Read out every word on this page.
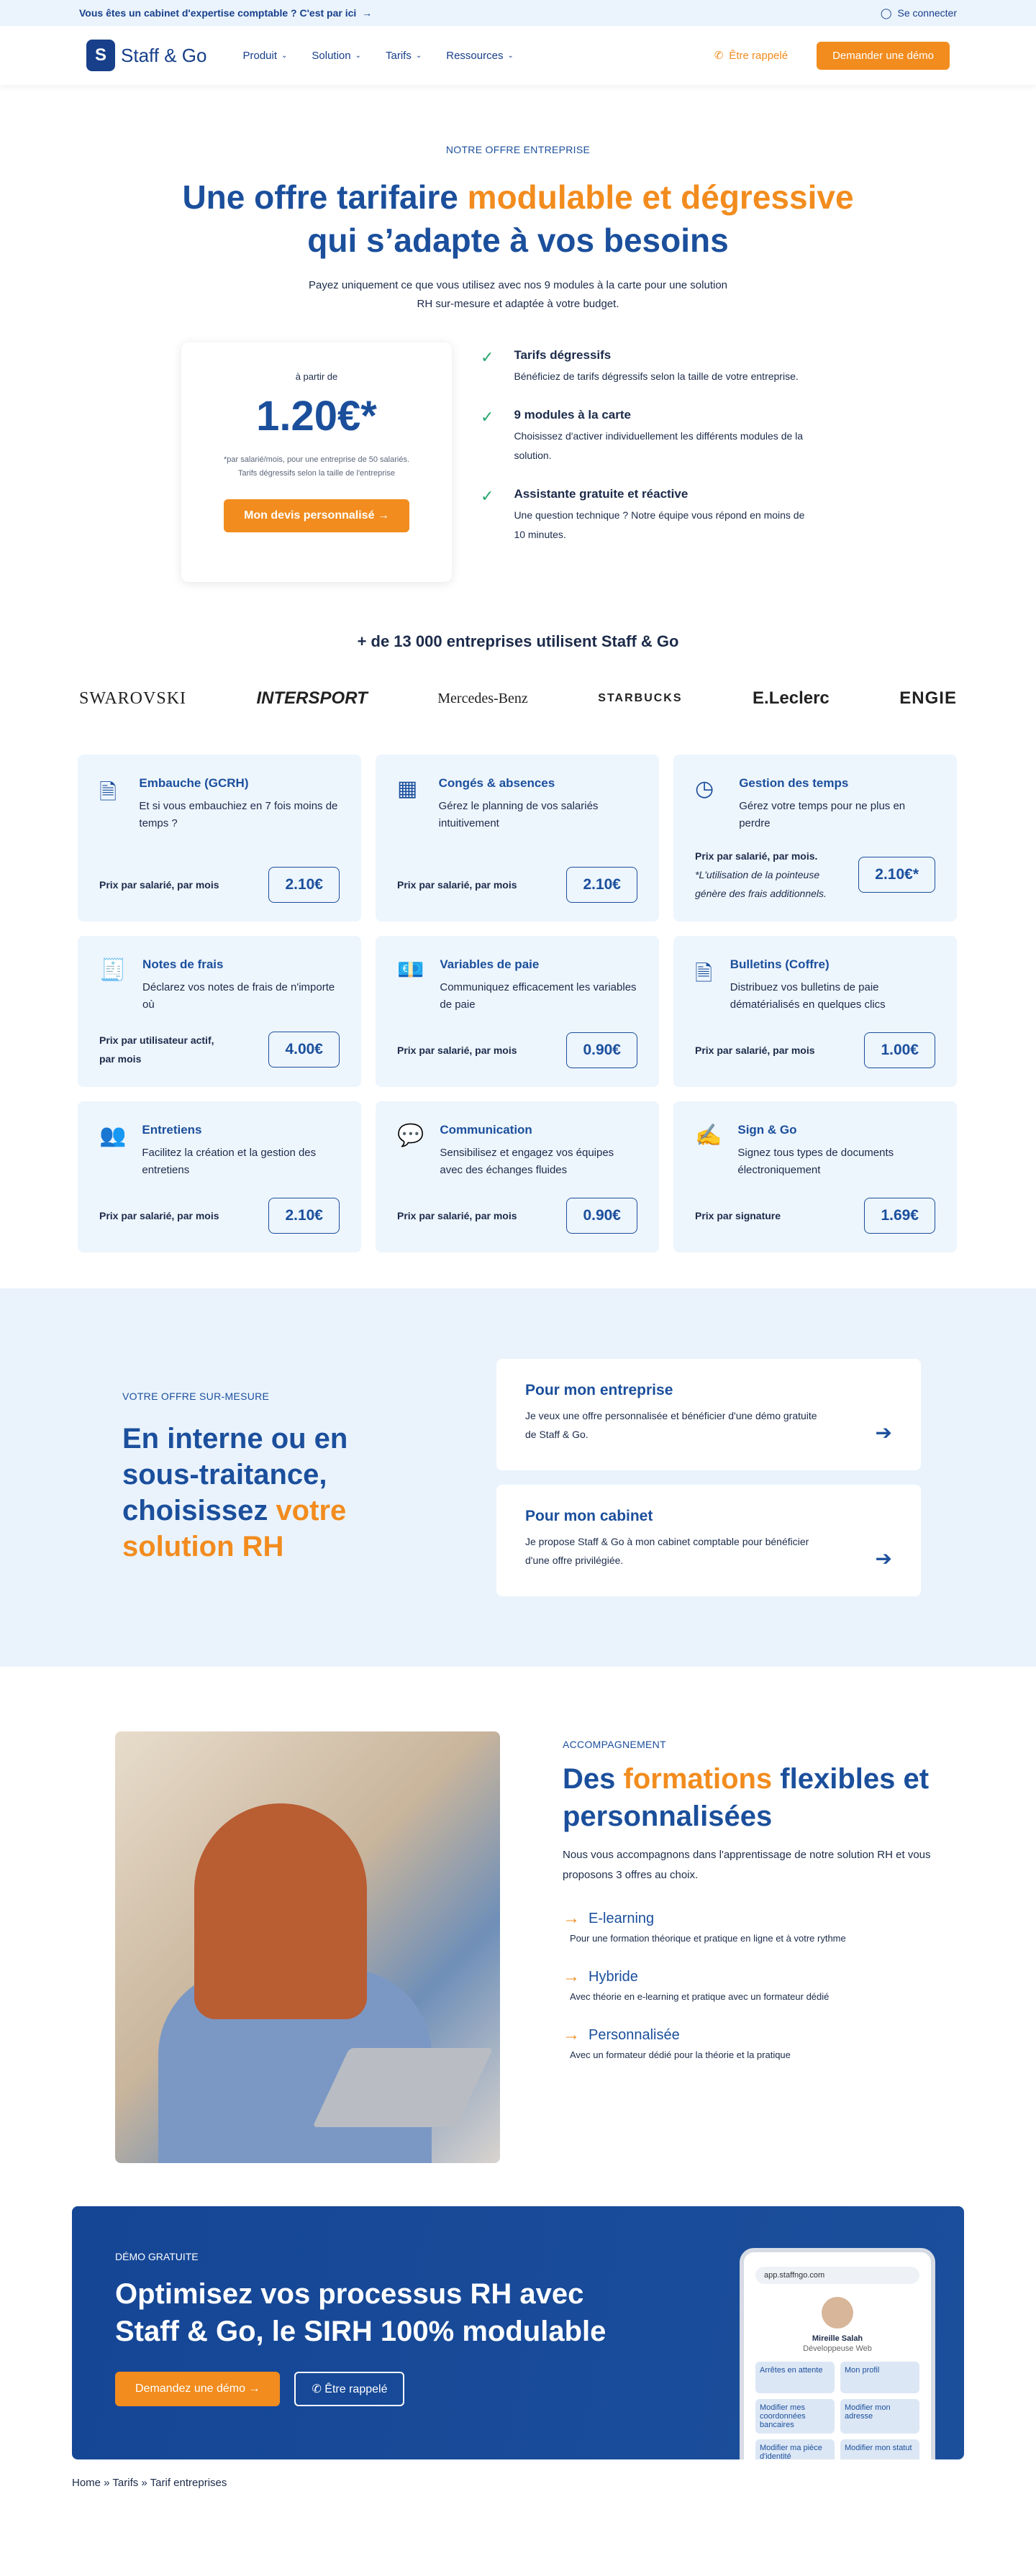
Vous êtes un cabinet d'expertise comptable ? C'est par ici  →	◯ Se connecter
S Staff & Go	Produit ⌄ Solution ⌄ Tarifs ⌄ Ressources ⌄	✆ Être rappelé	Demander une démo
NOTRE OFFRE ENTREPRISE
Une offre tarifaire modulable et dégressive
qui s’adapte à vos besoins
Payez uniquement ce que vous utilisez avec nos 9 modules à la carte pour une solution RH sur-mesure et adaptée à votre budget.
à partir de
1.20€*
*par salarié/mois, pour une entreprise de 50 salariés.
Tarifs dégressifs selon la taille de l'entreprise
Mon devis personnalisé →
✓ Tarifs dégressifs

Bénéficiez de tarifs dégressifs selon la taille de votre entreprise.

✓ 9 modules à la carte

Choisissez d'activer individuellement les différents modules de la solution.

✓ Assistante gratuite et réactive

Une question technique ? Notre équipe vous répond en moins de 10 minutes.

+ de 13 000 entreprises utilisent Staff & Go
SWAROVSKI	INTERSPORT	Mercedes-Benz	STARBUCKS	E.Leclerc	ENGIE
🗎	Embauche (GCRH)

Et si vous embauchiez en 7 fois moins de temps ?

Prix par salarié, par mois	2.10€
▦	Congés & absences

Gérez le planning de vos salariés intuitivement

Prix par salarié, par mois	2.10€
◷	Gestion des temps

Gérez votre temps pour ne plus en perdre

Prix par salarié, par mois.
*L'utilisation de la pointeuse génère des frais additionnels.
2.10€*
🧾 Notes de frais

Déclarez vos notes de frais de n'importe où

Prix par utilisateur actif, par mois
4.00€
💶 Variables de paie

Communiquez efficacement les variables de paie

Prix par salarié, par mois	0.90€
🗎 Bulletins (Coffre)

Distribuez vos bulletins de paie dématérialisés en quelques clics

Prix par salarié, par mois	1.00€
👥 Entretiens

Facilitez la création et la gestion des entretiens

Prix par salarié, par mois	2.10€
💬 Communication

Sensibilisez et engagez vos équipes avec des échanges fluides

Prix par salarié, par mois	0.90€
✍ Sign & Go

Signez tous types de documents électroniquement

Prix par signature	1.69€
VOTRE OFFRE SUR-MESURE
En interne ou en sous-traitance, choisissez votre solution RH
Pour mon entreprise

Je veux une offre personnalisée et bénéficier d'une démo gratuite de Staff & Go.	➔
Pour mon cabinet

Je propose Staff & Go à mon cabinet comptable pour bénéficier d'une offre privilégiée.	➔
ACCOMPAGNEMENT
Des formations flexibles et personnalisées
Nous vous accompagnons dans l'apprentissage de notre solution RH et vous proposons 3 offres au choix.
→ E-learning
Pour une formation théorique et pratique en ligne et à votre rythme
→ Hybride
Avec théorie en e-learning et pratique avec un formateur dédié
→ Personnalisée
Avec un formateur dédié pour la théorie et la pratique
DÉMO GRATUITE
Optimisez vos processus RH avec Staff & Go, le SIRH 100% modulable
Demandez une démo →	✆ Être rappelé
app.staffngo.com
Mireille Salah
Développeuse Web
Arrêtes en attente	Mon profil
Modifier mes coordonnées bancaires
Modifier mon adresse
Modifier ma pièce d'identité
Modifier mon statut
Home » Tarifs » Tarif entreprises
